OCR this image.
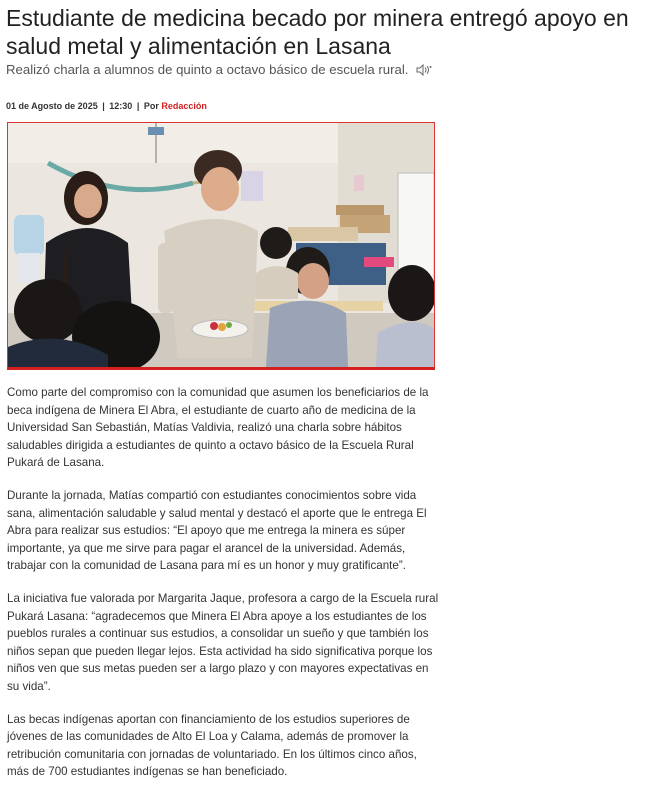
Estudiante de medicina becado por minera entregó apoyo en salud metal y alimentación en Lasana
Realizó charla a alumnos de quinto a octavo básico de escuela rural.
01 de Agosto de 2025 | 12:30 | Por Redacción

Como parte del compromiso con la comunidad que asumen los beneficiarios de la beca indígena de Minera El Abra, el estudiante de cuarto año de medicina de la Universidad San Sebastián, Matías Valdivia, realizó una charla sobre hábitos saludables dirigida a estudiantes de quinto a octavo básico de la Escuela Rural Pukará de Lasana.

Durante la jornada, Matías compartió con estudiantes conocimientos sobre vida sana, alimentación saludable y salud mental y destacó el aporte que le entrega El Abra para realizar sus estudios: “El apoyo que me entrega la minera es súper importante, ya que me sirve para pagar el arancel de la universidad. Además, trabajar con la comunidad de Lasana para mí es un honor y muy gratificante”.

La iniciativa fue valorada por Margarita Jaque, profesora a cargo de la Escuela rural Pukará Lasana: “agradecemos que Minera El Abra apoye a los estudiantes de los pueblos rurales a continuar sus estudios, a consolidar un sueño y que también los niños sepan que pueden llegar lejos. Esta actividad ha sido significativa porque los niños ven que sus metas pueden ser a largo plazo y con mayores expectativas en su vida”.

Las becas indígenas aportan con financiamiento de los estudios superiores de jóvenes de las comunidades de Alto El Loa y Calama, además de promover la retribución comunitaria con jornadas de voluntariado. En los últimos cinco años, más de 700 estudiantes indígenas se han beneficiado.
